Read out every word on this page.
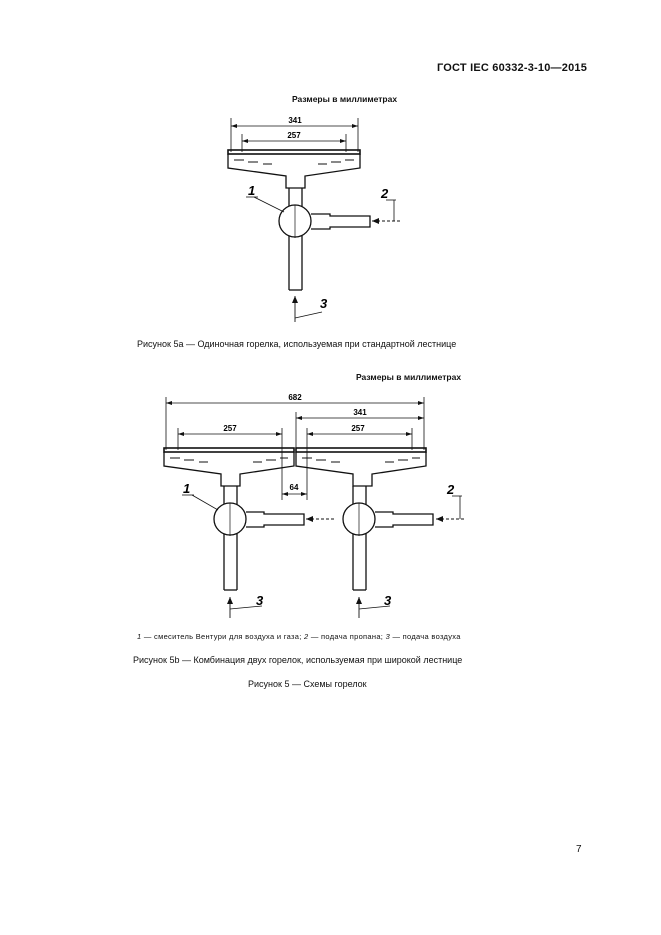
ГОСТ IEC 60332-3-10—2015
Размеры в миллиметрах
341
257
1	2
3
Рисунок 5а — Одиночная горелка, используемая при стандартной лестнице
Размеры в миллиметрах
682
341
257	257
64
1	2
3	3
1 — смеситель Вентури для воздуха и газа; 2 — подача пропана; 3 — подача воздуха
Рисунок 5b — Комбинация двух горелок, используемая при широкой лестнице
Рисунок 5 — Схемы горелок
7
